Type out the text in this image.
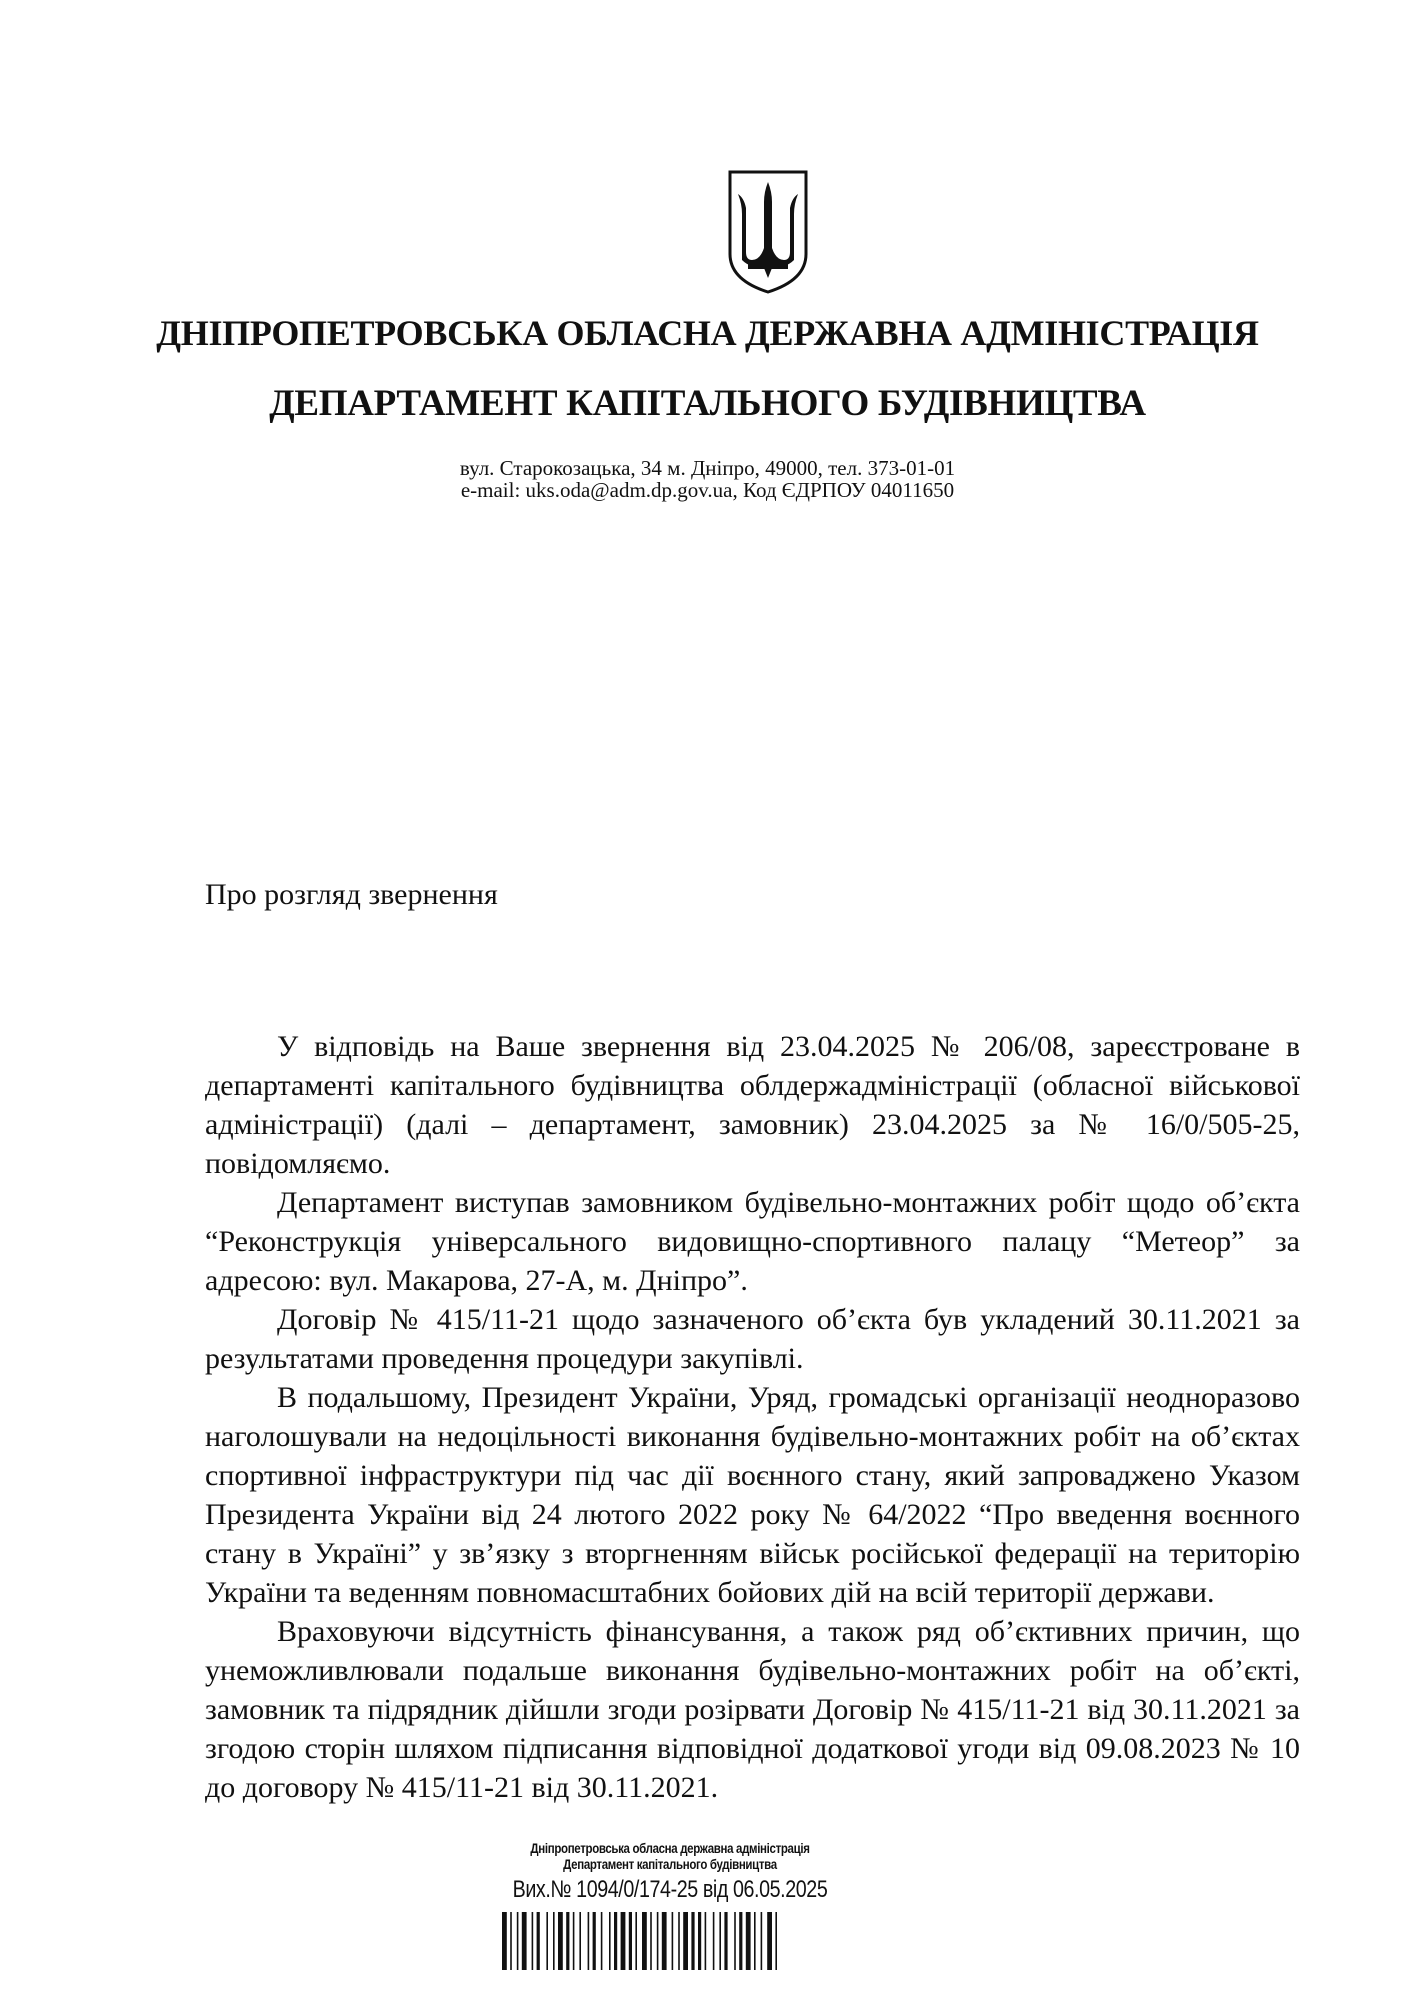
ДНІПРОПЕТРОВСЬКА ОБЛАСНА ДЕРЖАВНА АДМІНІСТРАЦІЯ
ДЕПАРТАМЕНТ КАПІТАЛЬНОГО БУДІВНИЦТВА
вул. Старокозацька, 34 м. Дніпро, 49000, тел. 373-01-01
e-mail: uks.oda@adm.dp.gov.ua, Код ЄДРПОУ 04011650
Про розгляд звернення

У відповідь на Ваше звернення від 23.04.2025 № 206/08, зареєстроване в департаменті капітального будівництва облдержадміністрації (обласної військової адміністрації) (далі – департамент, замовник) 23.04.2025 за № 16/0/505-25, повідомляємо.

Департамент виступав замовником будівельно-монтажних робіт щодо об’єкта “Реконструкція універсального видовищно-спортивного палацу “Метеор” за адресою: вул. Макарова, 27-А, м. Дніпро”.

Договір № 415/11-21 щодо зазначеного об’єкта був укладений 30.11.2021 за результатами проведення процедури закупівлі.

В подальшому, Президент України, Уряд, громадські організації неодноразово наголошували на недоцільності виконання будівельно-монтажних робіт на об’єктах спортивної інфраструктури під час дії воєнного стану, який запроваджено Указом Президента України від 24 лютого 2022 року № 64/2022 “Про введення воєнного стану в Україні” у зв’язку з вторгненням військ російської федерації на територію України та веденням повномасштабних бойових дій на всій території держави.

Враховуючи відсутність фінансування, а також ряд об’єктивних причин, що унеможливлювали подальше виконання будівельно-монтажних робіт на об’єкті, замовник та підрядник дійшли згоди розірвати Договір № 415/11-21 від 30.11.2021 за згодою сторін шляхом підписання відповідної додаткової угоди від 09.08.2023 № 10 до договору № 415/11-21 від 30.11.2021.

Дніпропетровська обласна державна адміністрація
Департамент капітального будівництва
Вих.№ 1094/0/174-25 від 06.05.2025
